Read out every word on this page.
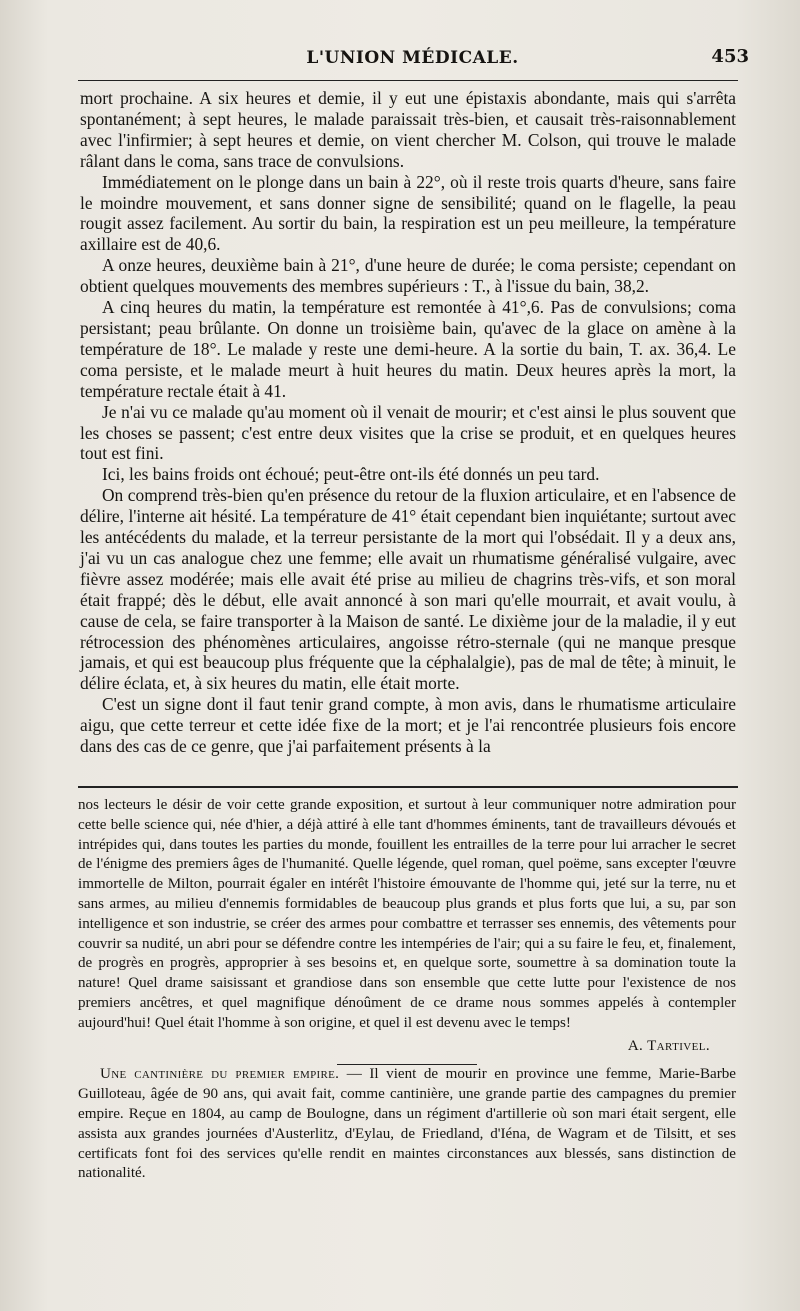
L'UNION MÉDICALE.	453

mort prochaine. A six heures et demie, il y eut une épistaxis abondante, mais qui s'arrêta spontanément; à sept heures, le malade paraissait très-bien, et causait très-raisonnablement avec l'infirmier; à sept heures et demie, on vient chercher M. Colson, qui trouve le malade râlant dans le coma, sans trace de convulsions.

Immédiatement on le plonge dans un bain à 22°, où il reste trois quarts d'heure, sans faire le moindre mouvement, et sans donner signe de sensibilité; quand on le flagelle, la peau rougit assez facilement. Au sortir du bain, la respiration est un peu meilleure, la température axillaire est de 40,6.

A onze heures, deuxième bain à 21°, d'une heure de durée; le coma persiste; cependant on obtient quelques mouvements des membres supérieurs : T., à l'issue du bain, 38,2.

A cinq heures du matin, la température est remontée à 41°,6. Pas de convulsions; coma persistant; peau brûlante. On donne un troisième bain, qu'avec de la glace on amène à la température de 18°. Le malade y reste une demi-heure. A la sortie du bain, T. ax. 36,4. Le coma persiste, et le malade meurt à huit heures du matin. Deux heures après la mort, la température rectale était à 41.

Je n'ai vu ce malade qu'au moment où il venait de mourir; et c'est ainsi le plus souvent que les choses se passent; c'est entre deux visites que la crise se produit, et en quelques heures tout est fini.

Ici, les bains froids ont échoué; peut-être ont-ils été donnés un peu tard.

On comprend très-bien qu'en présence du retour de la fluxion articulaire, et en l'absence de délire, l'interne ait hésité. La température de 41° était cependant bien inquiétante; surtout avec les antécédents du malade, et la terreur persistante de la mort qui l'obsédait. Il y a deux ans, j'ai vu un cas analogue chez une femme; elle avait un rhumatisme généralisé vulgaire, avec fièvre assez modérée; mais elle avait été prise au milieu de chagrins très-vifs, et son moral était frappé; dès le début, elle avait annoncé à son mari qu'elle mourrait, et avait voulu, à cause de cela, se faire transporter à la Maison de santé. Le dixième jour de la maladie, il y eut rétrocession des phénomènes articulaires, angoisse rétro-sternale (qui ne manque presque jamais, et qui est beaucoup plus fréquente que la céphalalgie), pas de mal de tête; à minuit, le délire éclata, et, à six heures du matin, elle était morte.

C'est un signe dont il faut tenir grand compte, à mon avis, dans le rhumatisme articulaire aigu, que cette terreur et cette idée fixe de la mort; et je l'ai rencontrée plusieurs fois encore dans des cas de ce genre, que j'ai parfaitement présents à la

nos lecteurs le désir de voir cette grande exposition, et surtout à leur communiquer notre admiration pour cette belle science qui, née d'hier, a déjà attiré à elle tant d'hommes éminents, tant de travailleurs dévoués et intrépides qui, dans toutes les parties du monde, fouillent les entrailles de la terre pour lui arracher le secret de l'énigme des premiers âges de l'humanité. Quelle légende, quel roman, quel poëme, sans excepter l'œuvre immortelle de Milton, pourrait égaler en intérêt l'histoire émouvante de l'homme qui, jeté sur la terre, nu et sans armes, au milieu d'ennemis formidables de beaucoup plus grands et plus forts que lui, a su, par son intelligence et son industrie, se créer des armes pour combattre et terrasser ses ennemis, des vêtements pour couvrir sa nudité, un abri pour se défendre contre les intempéries de l'air; qui a su faire le feu, et, finalement, de progrès en progrès, approprier à ses besoins et, en quelque sorte, soumettre à sa domination toute la nature! Quel drame saisissant et grandiose dans son ensemble que cette lutte pour l'existence de nos premiers ancêtres, et quel magnifique dénoûment de ce drame nous sommes appelés à contempler aujourd'hui! Quel était l'homme à son origine, et quel il est devenu avec le temps!

A. Tartivel.

Une cantinière du premier empire. — Il vient de mourir en province une femme, Marie-Barbe Guilloteau, âgée de 90 ans, qui avait fait, comme cantinière, une grande partie des campagnes du premier empire. Reçue en 1804, au camp de Boulogne, dans un régiment d'artillerie où son mari était sergent, elle assista aux grandes journées d'Austerlitz, d'Eylau, de Friedland, d'Iéna, de Wagram et de Tilsitt, et ses certificats font foi des services qu'elle rendit en maintes circonstances aux blessés, sans distinction de nationalité.
